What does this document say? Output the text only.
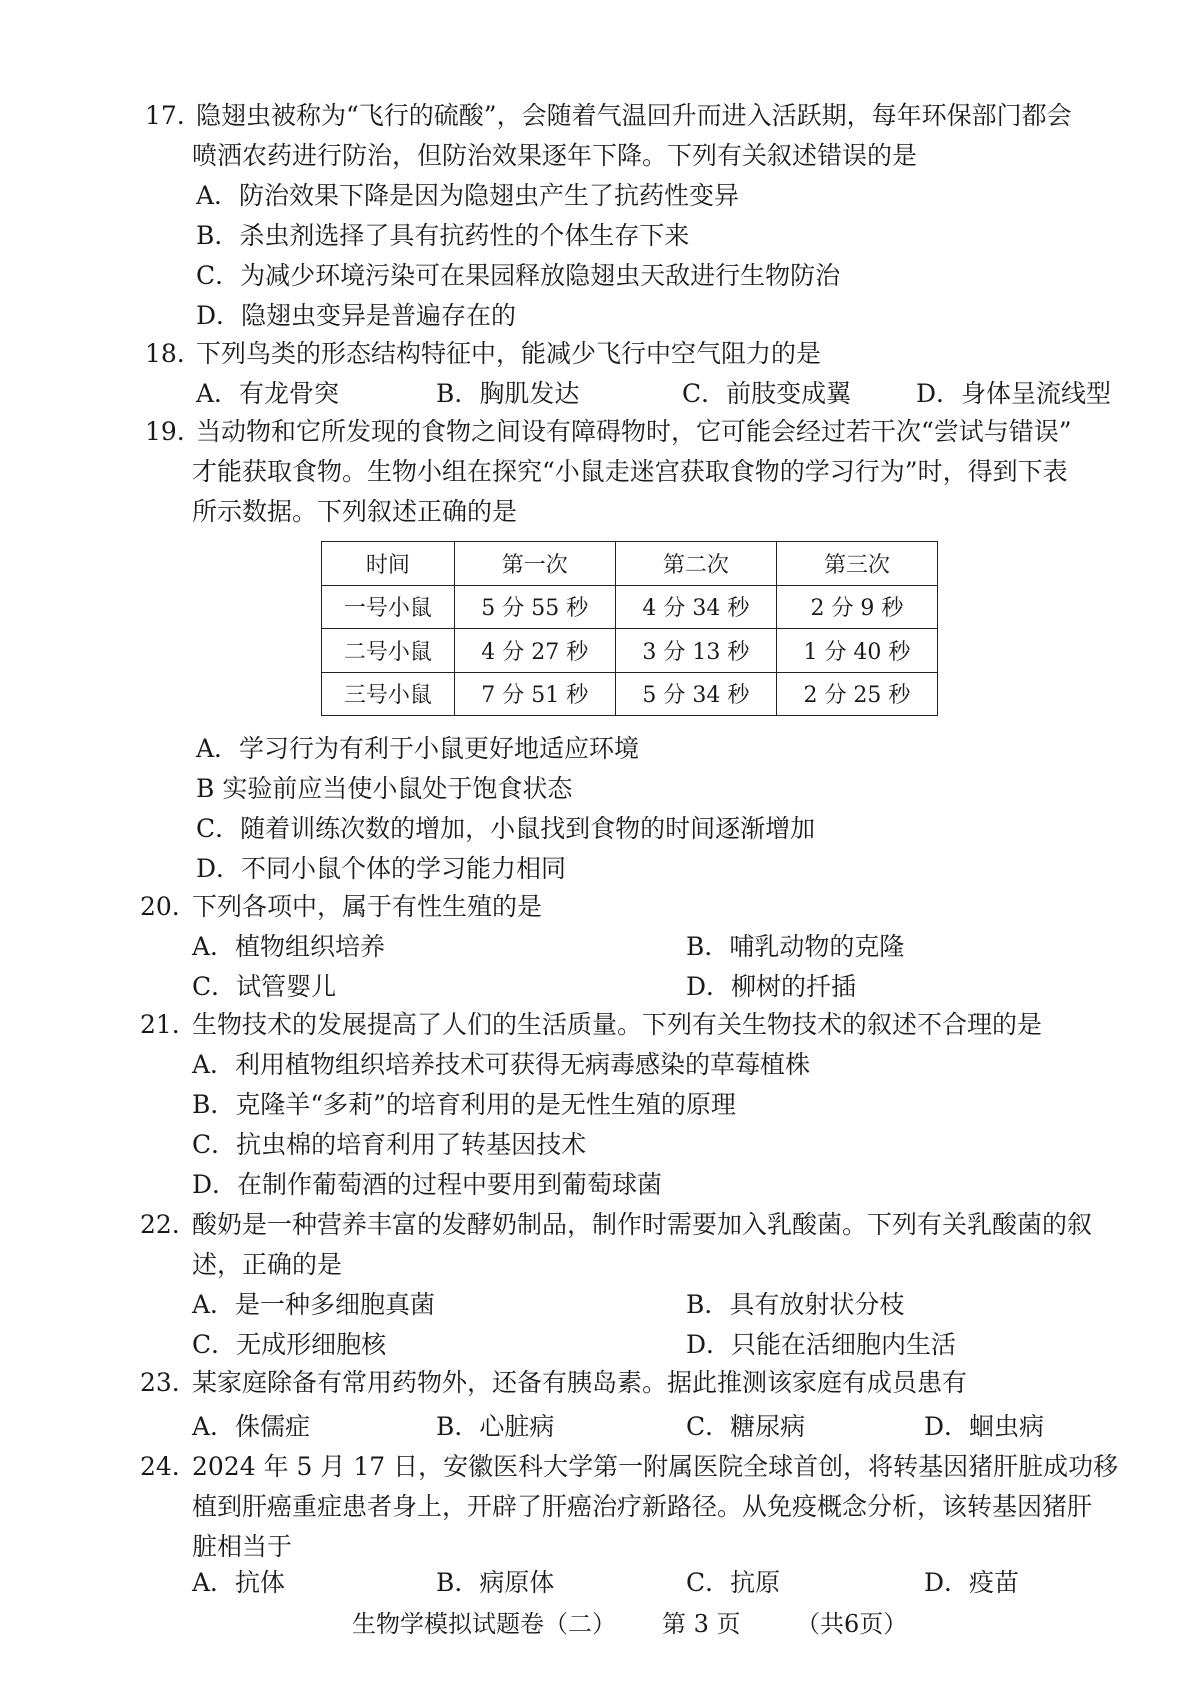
17. 隐翅虫被称为“飞行的硫酸”，会随着气温回升而进入活跃期，每年环保部门都会
喷洒农药进行防治，但防治效果逐年下降。下列有关叙述错误的是
A．防治效果下降是因为隐翅虫产生了抗药性变异
B．杀虫剂选择了具有抗药性的个体生存下来
C．为减少环境污染可在果园释放隐翅虫天敌进行生物防治
D．隐翅虫变异是普遍存在的
18. 下列鸟类的形态结构特征中，能减少飞行中空气阻力的是
A．有龙骨突	B．胸肌发达	C．前肢变成翼	D．身体呈流线型
19. 当动物和它所发现的食物之间设有障碍物时，它可能会经过若干次“尝试与错误”
才能获取食物。生物小组在探究“小鼠走迷宫获取食物的学习行为”时，得到下表
所示数据。下列叙述正确的是
时间	第一次	第二次	第三次
一号小鼠	5 分 55 秒	4 分 34 秒	2 分 9 秒
二号小鼠	4 分 27 秒	3 分 13 秒	1 分 40 秒
三号小鼠	7 分 51 秒	5 分 34 秒	2 分 25 秒
A．学习行为有利于小鼠更好地适应环境
B 实验前应当使小鼠处于饱食状态
C．随着训练次数的增加，小鼠找到食物的时间逐渐增加
D．不同小鼠个体的学习能力相同
20. 下列各项中，属于有性生殖的是
A．植物组织培养	B．哺乳动物的克隆
C．试管婴儿	D．柳树的扦插
21. 生物技术的发展提高了人们的生活质量。下列有关生物技术的叙述不合理的是
A．利用植物组织培养技术可获得无病毒感染的草莓植株
B．克隆羊“多莉”的培育利用的是无性生殖的原理
C．抗虫棉的培育利用了转基因技术
D．在制作葡萄酒的过程中要用到葡萄球菌
22. 酸奶是一种营养丰富的发酵奶制品，制作时需要加入乳酸菌。下列有关乳酸菌的叙
述，正确的是
A．是一种多细胞真菌	B．具有放射状分枝
C．无成形细胞核	D．只能在活细胞内生活
23. 某家庭除备有常用药物外，还备有胰岛素。据此推测该家庭有成员患有
A．侏儒症	B．心脏病	C．糖尿病	D．蛔虫病
24. 2024 年 5 月 17 日，安徽医科大学第一附属医院全球首创，将转基因猪肝脏成功移
植到肝癌重症患者身上，开辟了肝癌治疗新路径。从免疫概念分析，该转基因猪肝
脏相当于
A．抗体	B．病原体	C．抗原	D．疫苗
生物学模拟试题卷（二） 第 3 页 （共6页）
